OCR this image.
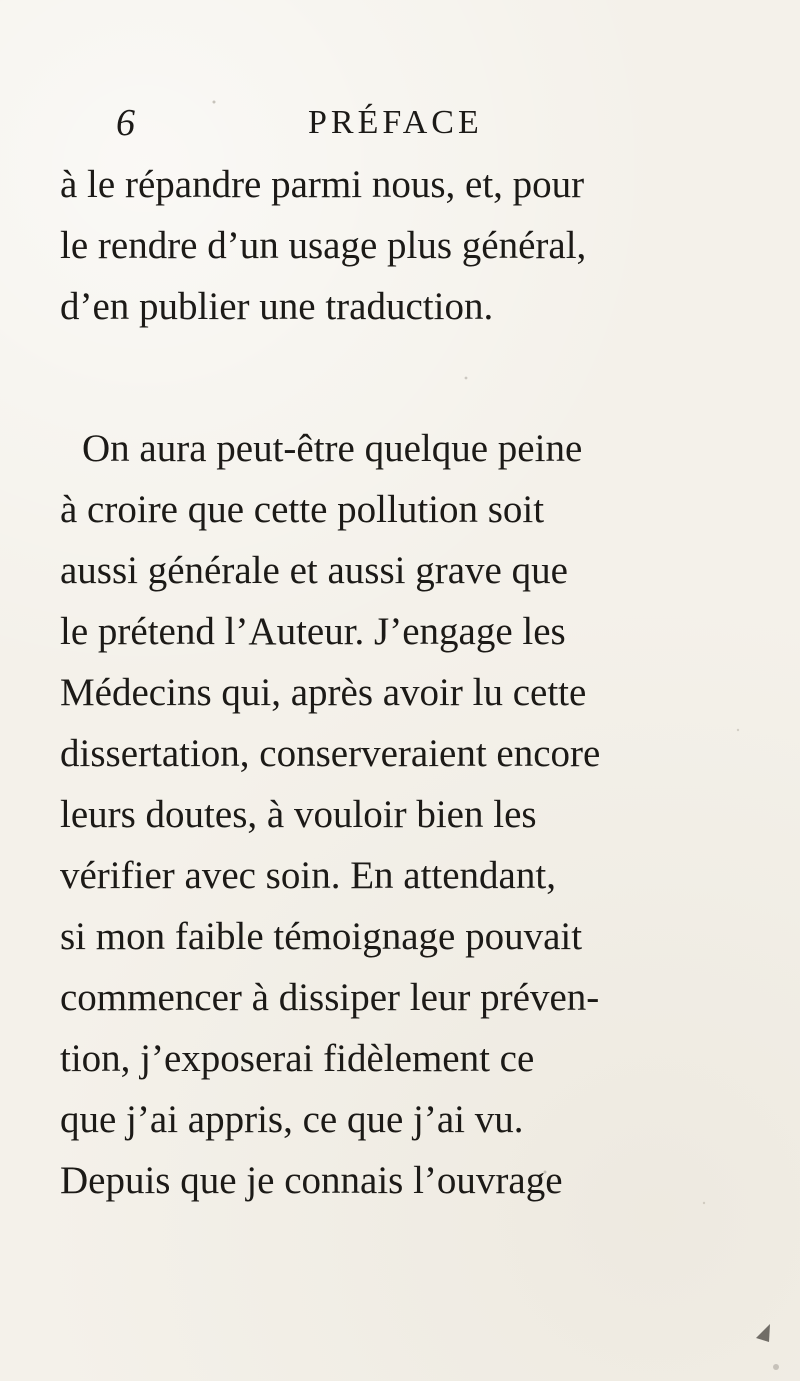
6	PRÉFACE
à le répandre parmi nous, et, pour
le rendre d’un usage plus général,
d’en publier une traduction.
On aura peut-être quelque peine
à croire que cette pollution soit
aussi générale et aussi grave que
le prétend l’Auteur. J’engage les
Médecins qui, après avoir lu cette
dissertation, conserveraient encore
leurs doutes, à vouloir bien les
vérifier avec soin. En attendant,
si mon faible témoignage pouvait
commencer à dissiper leur préven-
tion, j’exposerai fidèlement ce
que j’ai appris, ce que j’ai vu.
Depuis que je connais l’ouvrage
